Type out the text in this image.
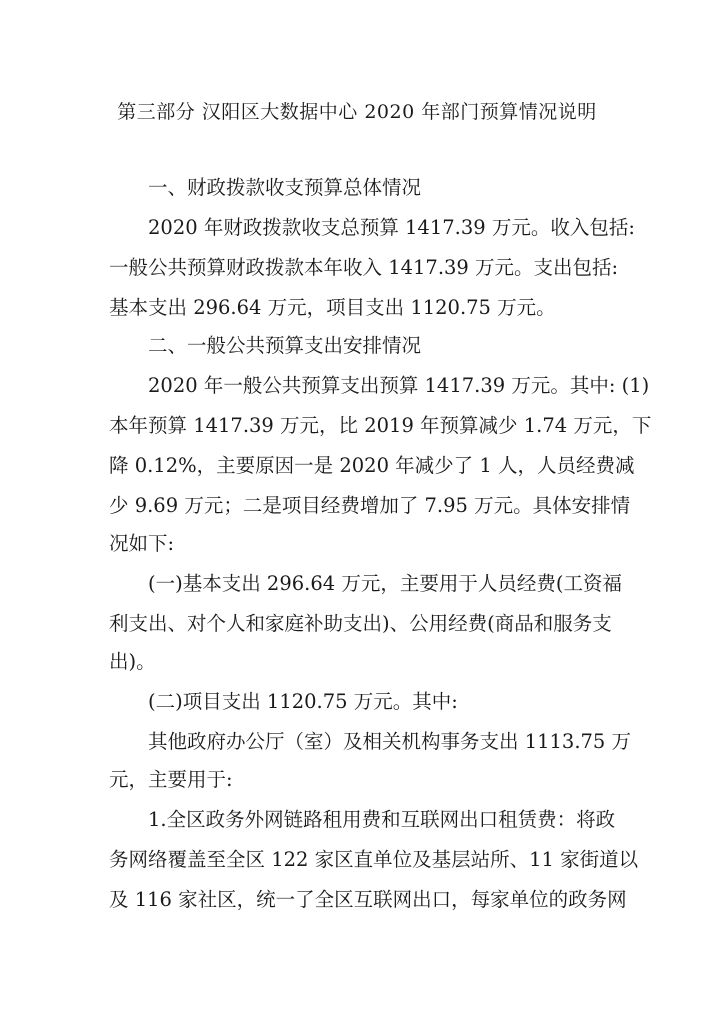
第三部分 汉阳区大数据中心 2020 年部门预算情况说明
一、财政拨款收支预算总体情况
2020 年财政拨款收支总预算 1417.39 万元。收入包括:
一般公共预算财政拨款本年收入 1417.39 万元。支出包括:
基本支出 296.64 万元，项目支出 1120.75 万元。
二、一般公共预算支出安排情况
2020 年一般公共预算支出预算 1417.39 万元。其中: (1)
本年预算 1417.39 万元，比 2019 年预算减少 1.74 万元，下
降 0.12%，主要原因一是 2020 年减少了 1 人，人员经费减
少 9.69 万元；二是项目经费增加了 7.95 万元。具体安排情
况如下:
(一)基本支出 296.64 万元，主要用于人员经费(工资福
利支出、对个人和家庭补助支出)、公用经费(商品和服务支
出)。
(二)项目支出 1120.75 万元。其中:
其他政府办公厅（室）及相关机构事务支出 1113.75 万
元，主要用于:
1.全区政务外网链路租用费和互联网出口租赁费：将政
务网络覆盖至全区 122 家区直单位及基层站所、11 家街道以
及 116 家社区，统一了全区互联网出口，每家单位的政务网
